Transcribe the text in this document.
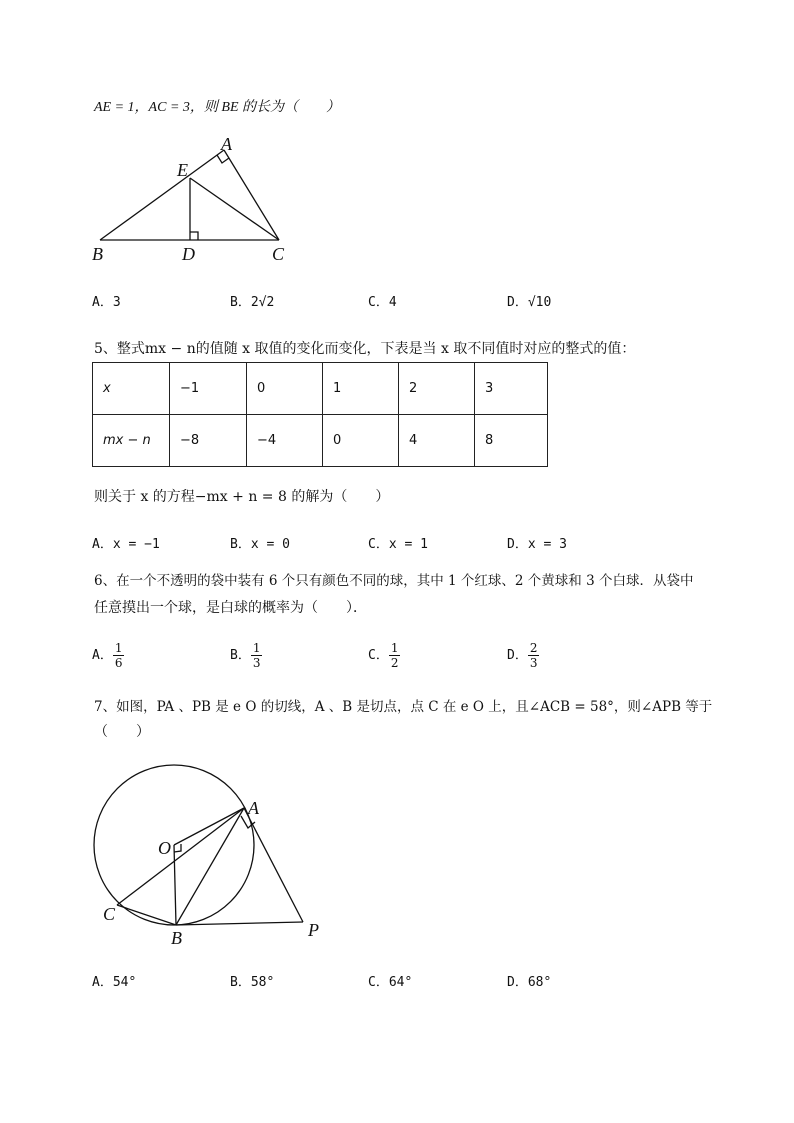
AE = 1，AC = 3，则 BE 的长为（　　）
A
E
B	D	C
A．3	B．2√2	C．4	D．√10
5、整式mx − n的值随 x 取值的变化而变化，下表是当 x 取不同值时对应的整式的值：
x	−1	0	1	2	3
mx − n	−8	−4	0	4	8
则关于 x 的方程−mx + n = 8 的解为（　　）
A．x = −1	B．x = 0	C．x = 1	D．x = 3
6、在一个不透明的袋中装有 6 个只有颜色不同的球，其中 1 个红球、2 个黄球和 3 个白球．从袋中
任意摸出一个球，是白球的概率为（　　）．
A． $\frac{1}{6}$	B． $\frac{1}{3}$	C． $\frac{1}{2}$	D． $\frac{2}{3}$
7、如图，PA 、PB 是 e O 的切线，A 、B 是切点，点 C 在 e O 上，且∠ACB = 58°，则∠APB 等于
（　　）
A
O
C
B	P
A．54°	B．58°	C．64°	D．68°
